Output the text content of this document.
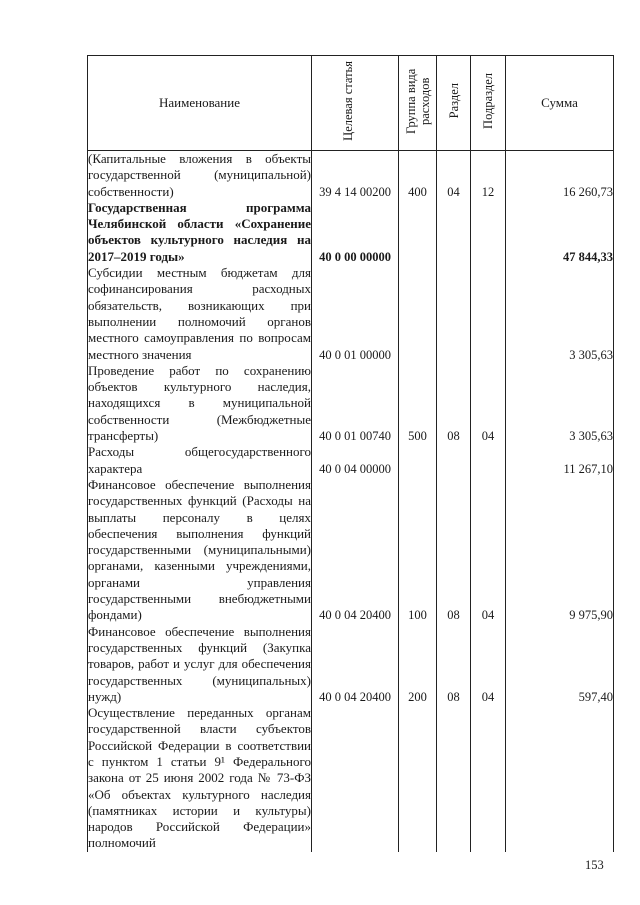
Наименование	Целевая статья	Группа вида расходов	Раздел	Подраздел	Сумма
(Капитальные вложения в объекты государственной (муниципальной) собственности)	39 4 14 00200	400	04	12	16 260,73
Государственная программа Челябинской области «Сохранение объектов культурного наследия на 2017–2019 годы»	40 0 00 00000				47 844,33
Субсидии местным бюджетам для софинансирования расходных обязательств, возникающих при выполнении полномочий органов местного самоуправления по вопросам местного значения	40 0 01 00000				3 305,63
Проведение работ по сохранению объектов культурного наследия, находящихся в муниципальной собственности (Межбюджетные трансферты)	40 0 01 00740	500	08	04	3 305,63
Расходы общегосударственного характера	40 0 04 00000				11 267,10
Финансовое обеспечение выполнения государственных функций (Расходы на выплаты персоналу в целях обеспечения выполнения функций государственными (муниципальными) органами, казенными учреждениями, органами управления государственными внебюджетными фондами)	40 0 04 20400	100	08	04	9 975,90
Финансовое обеспечение выполнения государственных функций (Закупка товаров, работ и услуг для обеспечения государственных (муниципальных) нужд)	40 0 04 20400	200	08	04	597,40
Осуществление переданных органам государственной власти субъектов Российской Федерации в соответствии с пунктом 1 статьи 9¹ Федерального закона от 25 июня 2002 года № 73-ФЗ «Об объектах культурного наследия (памятниках истории и культуры) народов Российской Федерации» полномочий					
153
